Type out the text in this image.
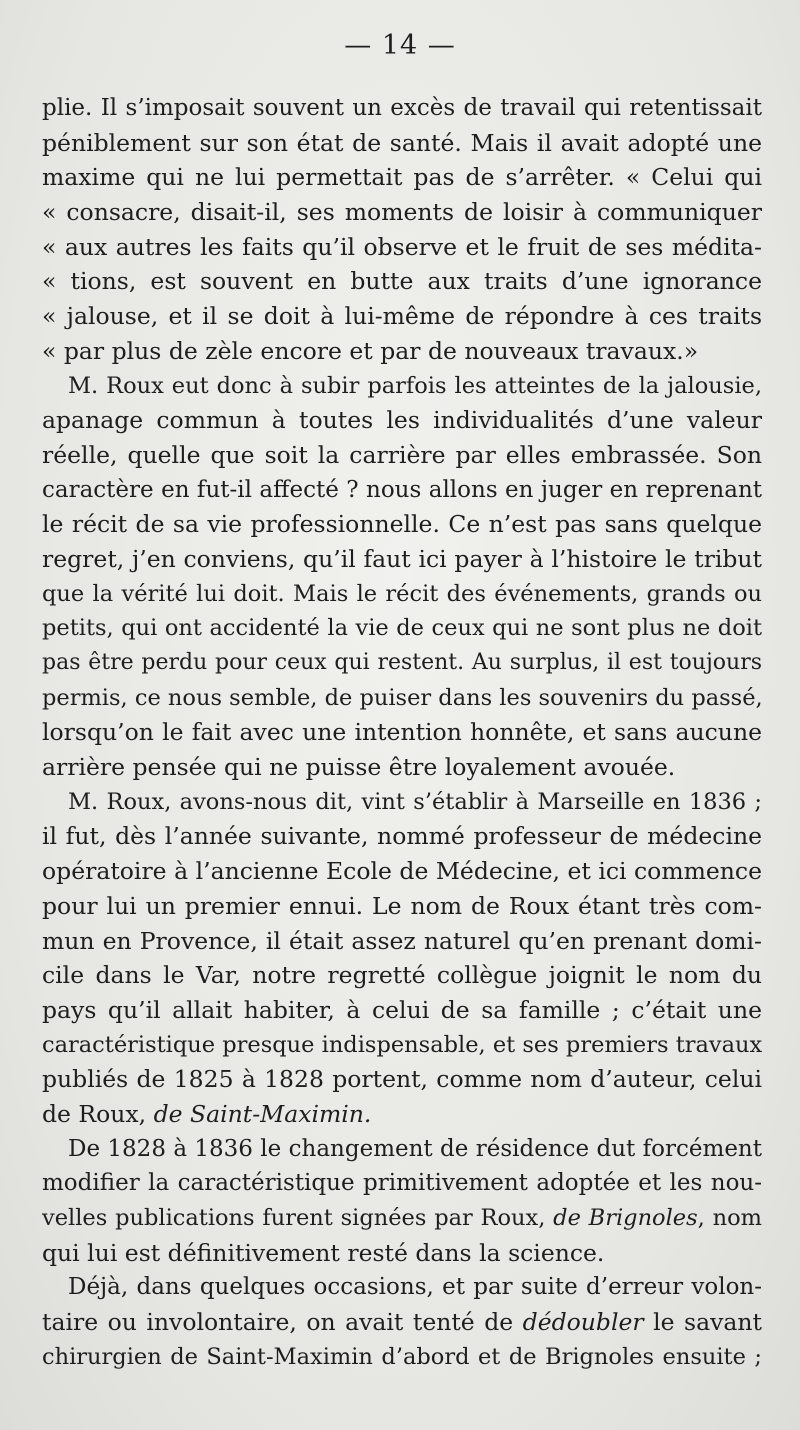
— 14 —
plie. Il s’imposait souvent un excès de travail qui retentissait
péniblement sur son état de santé. Mais il avait adopté une
maxime qui ne lui permettait pas de s’arrêter. « Celui qui
« consacre, disait-il, ses moments de loisir à communiquer
« aux autres les faits qu’il observe et le fruit de ses médita-
« tions, est souvent en butte aux traits d’une ignorance
« jalouse, et il se doit à lui-même de répondre à ces traits
« par plus de zèle encore et par de nouveaux travaux.»
M. Roux eut donc à subir parfois les atteintes de la jalousie,
apanage commun à toutes les individualités d’une valeur
réelle, quelle que soit la carrière par elles embrassée. Son
caractère en fut-il affecté ? nous allons en juger en reprenant
le récit de sa vie professionnelle. Ce n’est pas sans quelque
regret, j’en conviens, qu’il faut ici payer à l’histoire le tribut
que la vérité lui doit. Mais le récit des événements, grands ou
petits, qui ont accidenté la vie de ceux qui ne sont plus ne doit
pas être perdu pour ceux qui restent. Au surplus, il est toujours
permis, ce nous semble, de puiser dans les souvenirs du passé,
lorsqu’on le fait avec une intention honnête, et sans aucune
arrière pensée qui ne puisse être loyalement avouée.
M. Roux, avons-nous dit, vint s’établir à Marseille en 1836 ;
il fut, dès l’année suivante, nommé professeur de médecine
opératoire à l’ancienne Ecole de Médecine, et ici commence
pour lui un premier ennui. Le nom de Roux étant très com-
mun en Provence, il était assez naturel qu’en prenant domi-
cile dans le Var, notre regretté collègue joignit le nom du
pays qu’il allait habiter, à celui de sa famille ; c’était une
caractéristique presque indispensable, et ses premiers travaux
publiés de 1825 à 1828 portent, comme nom d’auteur, celui
de Roux, de Saint-Maximin.
De 1828 à 1836 le changement de résidence dut forcément
modifier la caractéristique primitivement adoptée et les nou-
velles publications furent signées par Roux, de Brignoles, nom
qui lui est définitivement resté dans la science.
Déjà, dans quelques occasions, et par suite d’erreur volon-
taire ou involontaire, on avait tenté de dédoubler le savant
chirurgien de Saint-Maximin d’abord et de Brignoles ensuite ;
